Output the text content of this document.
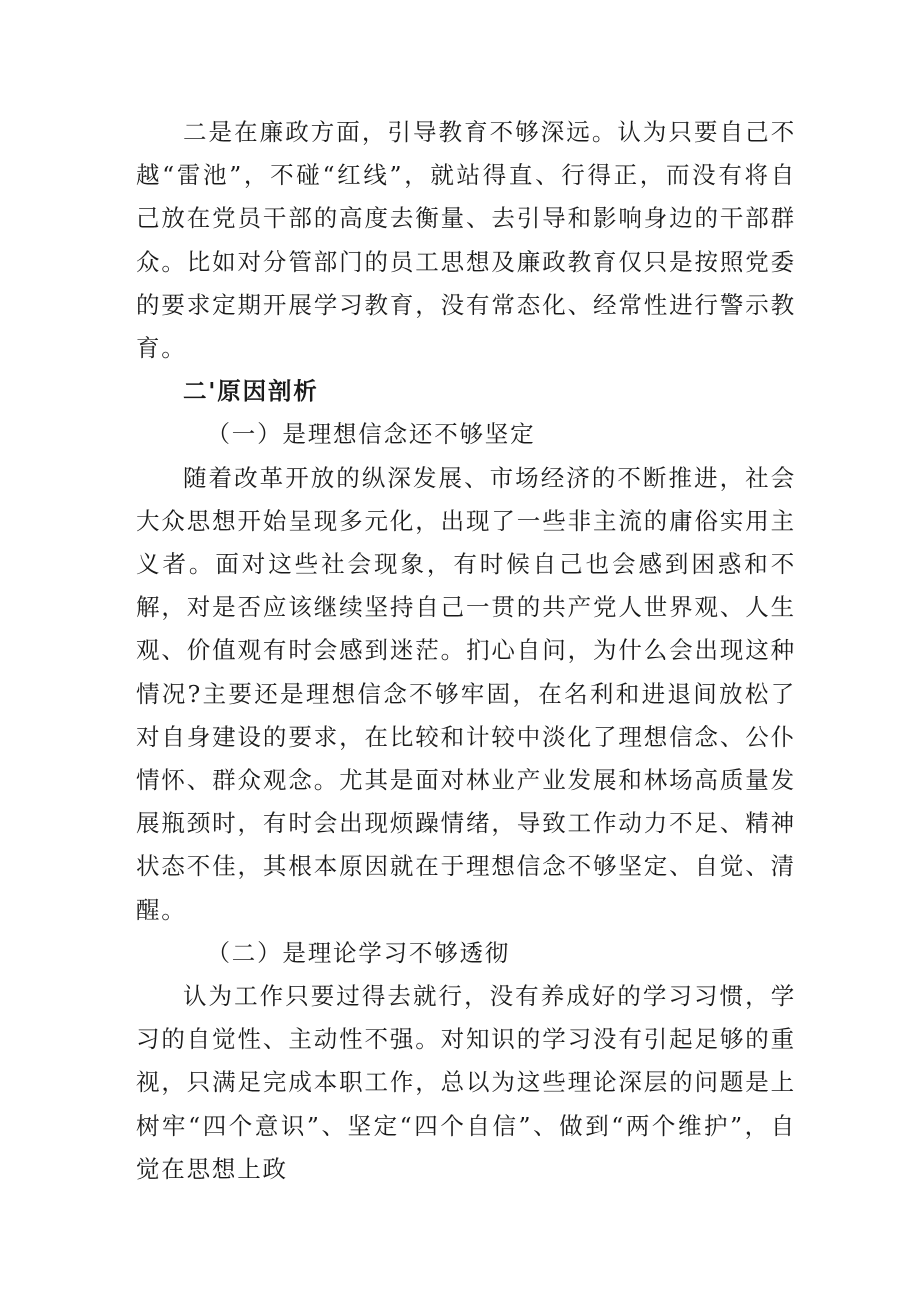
二是在廉政方面，引导教育不够深远。认为只要自己不越“雷池”，不碰“红线”，就站得直、行得正，而没有将自己放在党员干部的高度去衡量、去引导和影响身边的干部群众。比如对分管部门的员工思想及廉政教育仅只是按照党委的要求定期开展学习教育，没有常态化、经常性进行警示教育。

二'原因剖析

（一）是理想信念还不够坚定

随着改革开放的纵深发展、市场经济的不断推进，社会大众思想开始呈现多元化，出现了一些非主流的庸俗实用主义者。面对这些社会现象，有时候自己也会感到困惑和不解，对是否应该继续坚持自己一贯的共产党人世界观、人生观、价值观有时会感到迷茫。扪心自问，为什么会出现这种情况?主要还是理想信念不够牢固，在名利和进退间放松了对自身建设的要求，在比较和计较中淡化了理想信念、公仆情怀、群众观念。尤其是面对林业产业发展和林场高质量发展瓶颈时，有时会出现烦躁情绪，导致工作动力不足、精神状态不佳，其根本原因就在于理想信念不够坚定、自觉、清醒。

（二）是理论学习不够透彻

认为工作只要过得去就行，没有养成好的学习习惯，学习的自觉性、主动性不强。对知识的学习没有引起足够的重视，只满足完成本职工作，总以为这些理论深层的问题是上树牢“四个意识”、坚定“四个自信”、做到“两个维护”，自觉在思想上政
